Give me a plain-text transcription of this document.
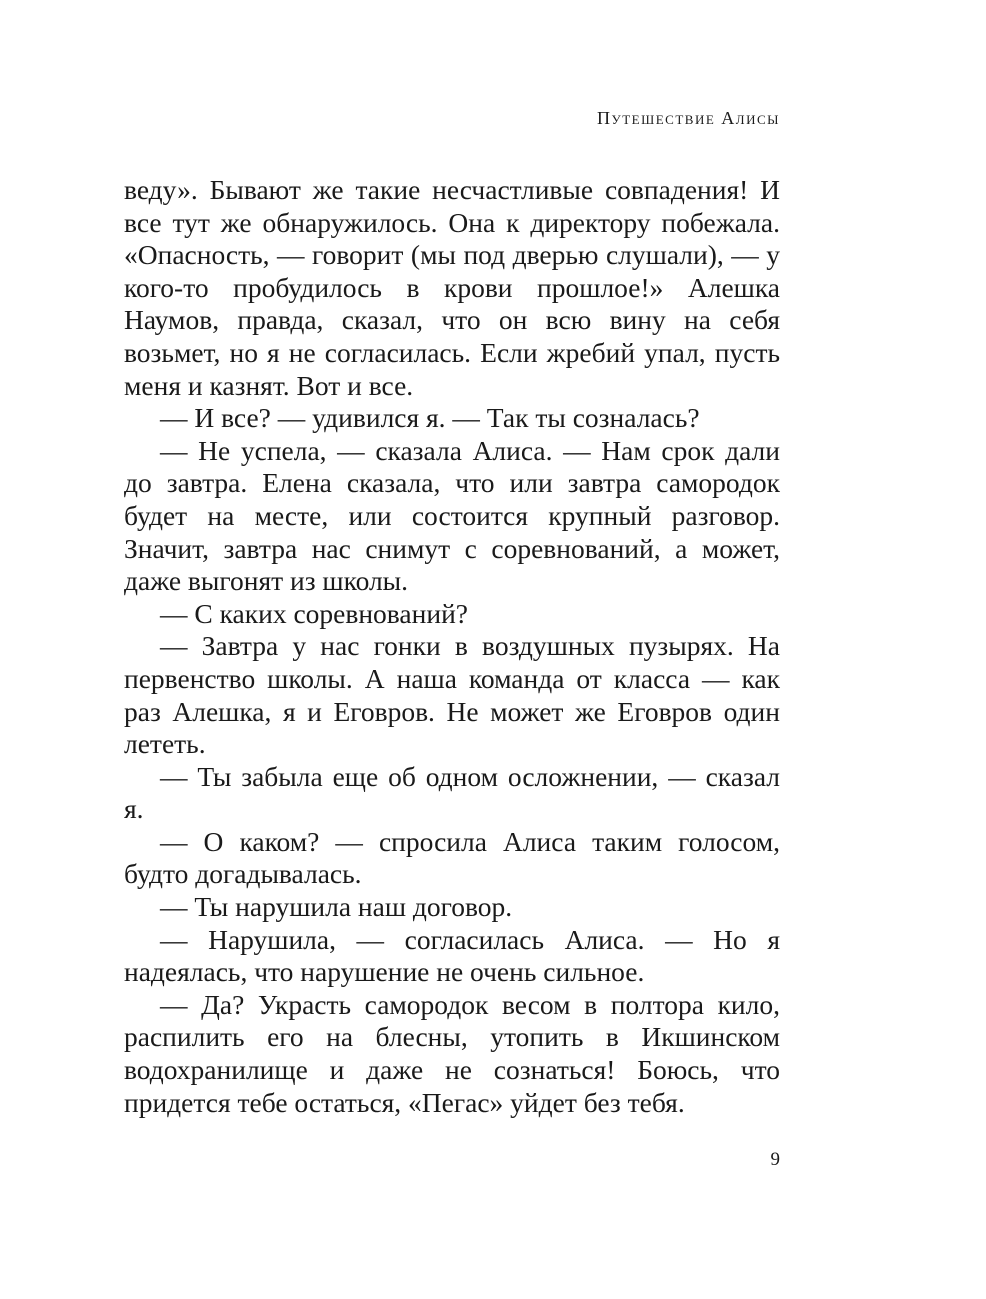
Путешествие Алисы

веду». Бывают же такие несчастливые совпадения! И все тут же обнаружилось. Она к директору побежала. «Опасность, — говорит (мы под дверью слушали), — у кого-то пробудилось в крови прошлое!» Алешка Наумов, правда, сказал, что он всю вину на себя возьмет, но я не согласилась. Если жребий упал, пусть меня и казнят. Вот и все.

— И все? — удивился я. — Так ты созналась?

— Не успела, — сказала Алиса. — Нам срок дали до завтра. Елена сказала, что или завтра самородок будет на месте, или состоится крупный разговор. Значит, завтра нас снимут с соревнований, а может, даже выгонят из школы.

— С каких соревнований?

— Завтра у нас гонки в воздушных пузырях. На первенство школы. А наша команда от класса — как раз Алешка, я и Еговров. Не может же Еговров один лететь.

— Ты забыла еще об одном осложнении, — сказал я.

— О каком? — спросила Алиса таким голосом, будто догадывалась.

— Ты нарушила наш договор.

— Нарушила, — согласилась Алиса. — Но я надеялась, что нарушение не очень сильное.

— Да? Украсть самородок весом в полтора кило, распилить его на блесны, утопить в Икшинском водохранилище и даже не сознаться! Боюсь, что придется тебе остаться, «Пегас» уйдет без тебя.

9
